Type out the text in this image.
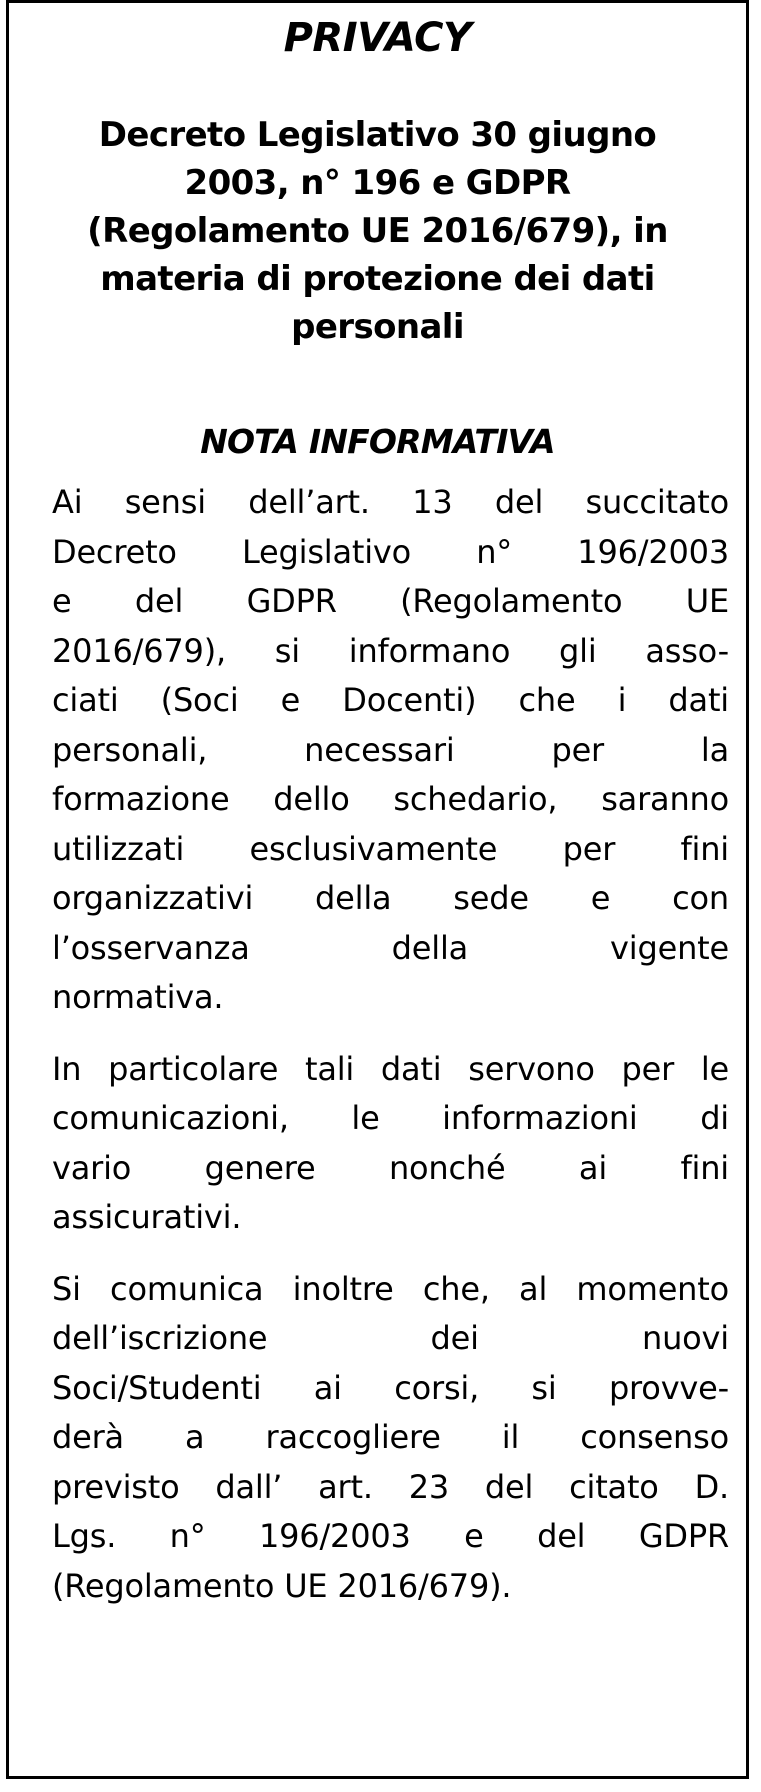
PRIVACY
Decreto Legislativo 30 giugno
2003, n° 196 e GDPR
(Regolamento UE 2016/679), in
materia di protezione dei dati
personali
NOTA INFORMATIVA
Ai sensi dell’art. 13 del succitato
Decreto Legislativo n° 196/2003
e del GDPR (Regolamento UE
2016/679), si informano gli asso-
ciati (Soci e Docenti) che i dati
personali, necessari per la
formazione dello schedario, saranno
utilizzati esclusivamente per fini
organizzativi della sede e con
l’osservanza della vigente
normativa.
In particolare tali dati servono per le
comunicazioni, le informazioni di
vario genere nonché ai fini
assicurativi.
Si comunica inoltre che, al momento
dell’iscrizione dei nuovi
Soci/Studenti ai corsi, si provve-
derà a raccogliere il consenso
previsto dall’ art. 23 del citato D.
Lgs. n° 196/2003 e del GDPR
(Regolamento UE 2016/679).
